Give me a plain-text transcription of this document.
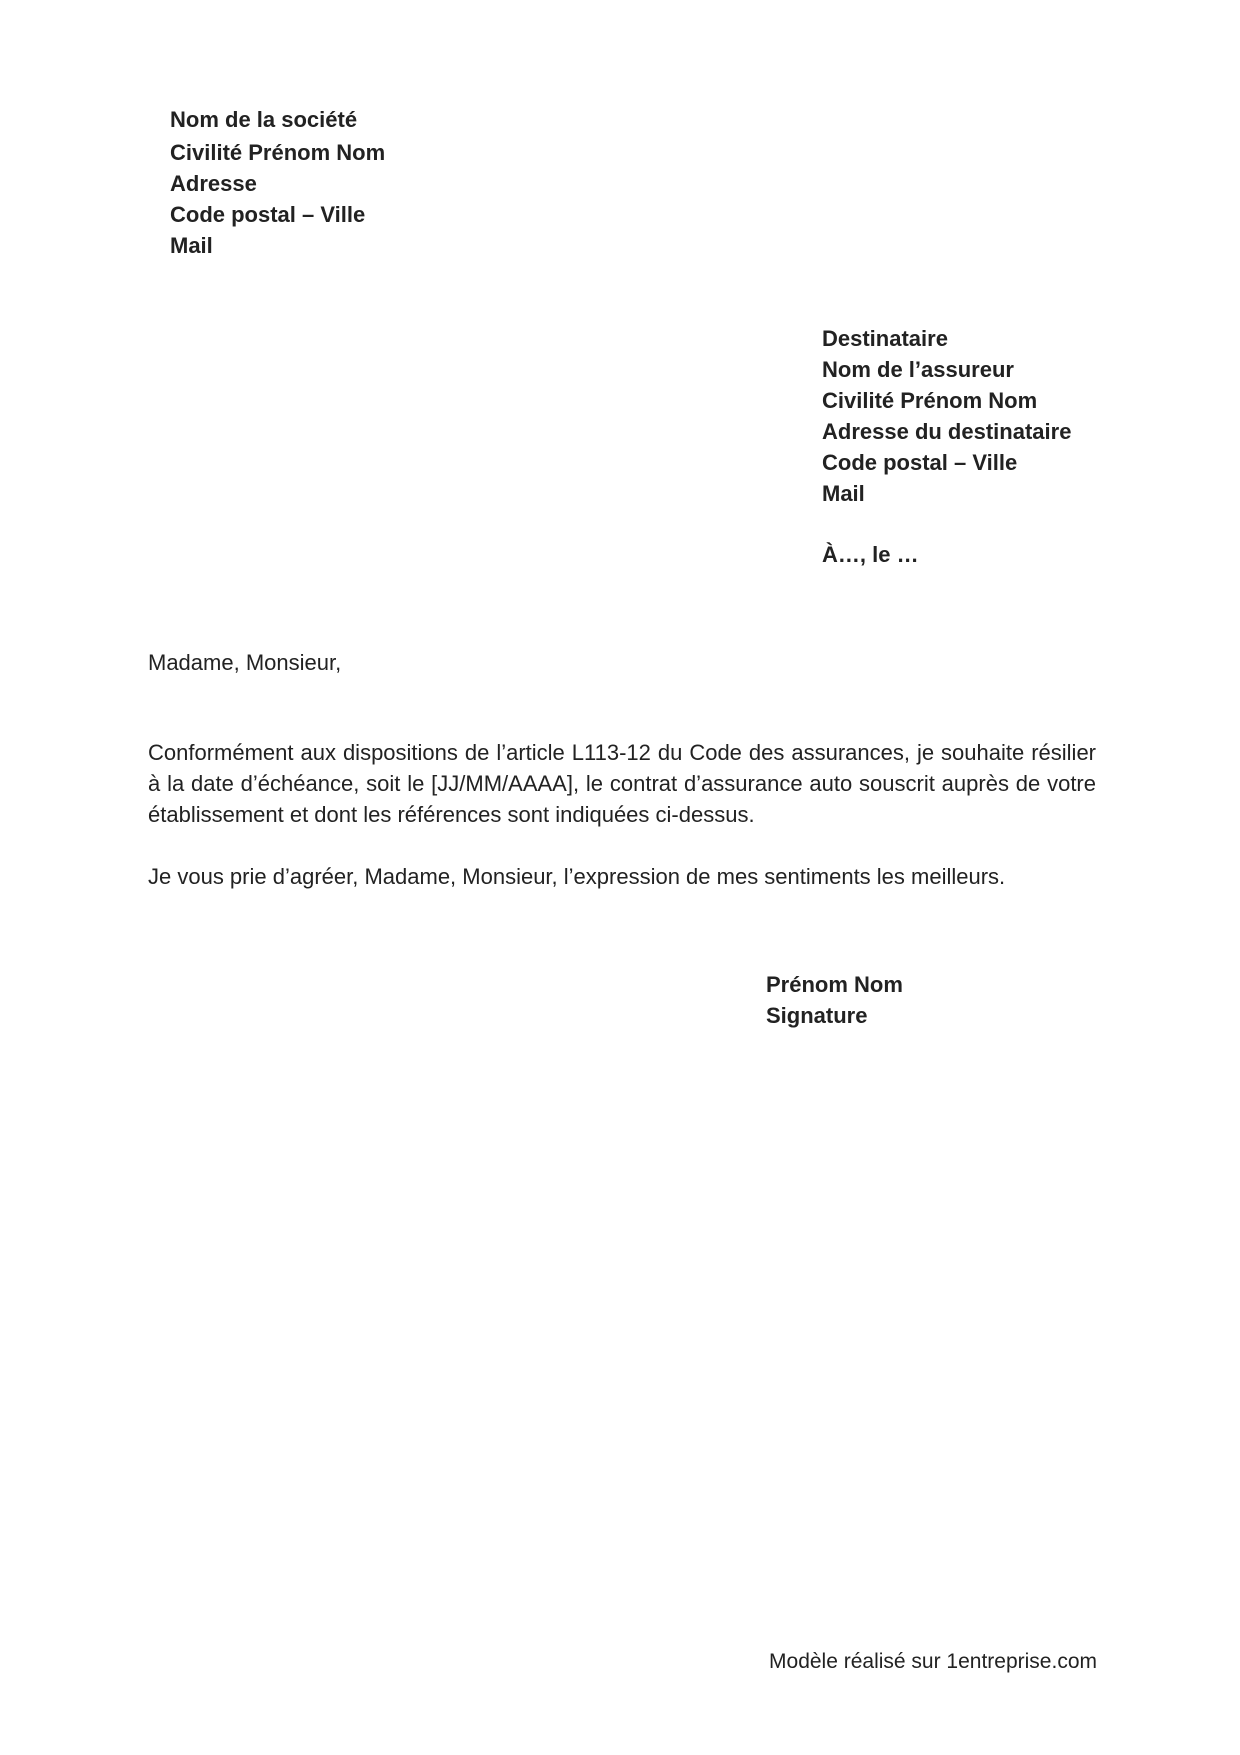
Nom de la société
Civilité Prénom Nom
Adresse
Code postal – Ville
Mail
Destinataire
Nom de l’assureur
Civilité Prénom Nom
Adresse du destinataire
Code postal – Ville
Mail
À…, le …
Madame, Monsieur,

Conformément aux dispositions de l’article L113-12 du Code des assurances, je souhaite résilier à la date d’échéance, soit le [JJ/MM/AAAA], le contrat d’assurance auto souscrit auprès de votre établissement et dont les références sont indiquées ci-dessus.

Je vous prie d’agréer, Madame, Monsieur, l’expression de mes sentiments les meilleurs.

Prénom Nom
Signature
Modèle réalisé sur 1entreprise.com
